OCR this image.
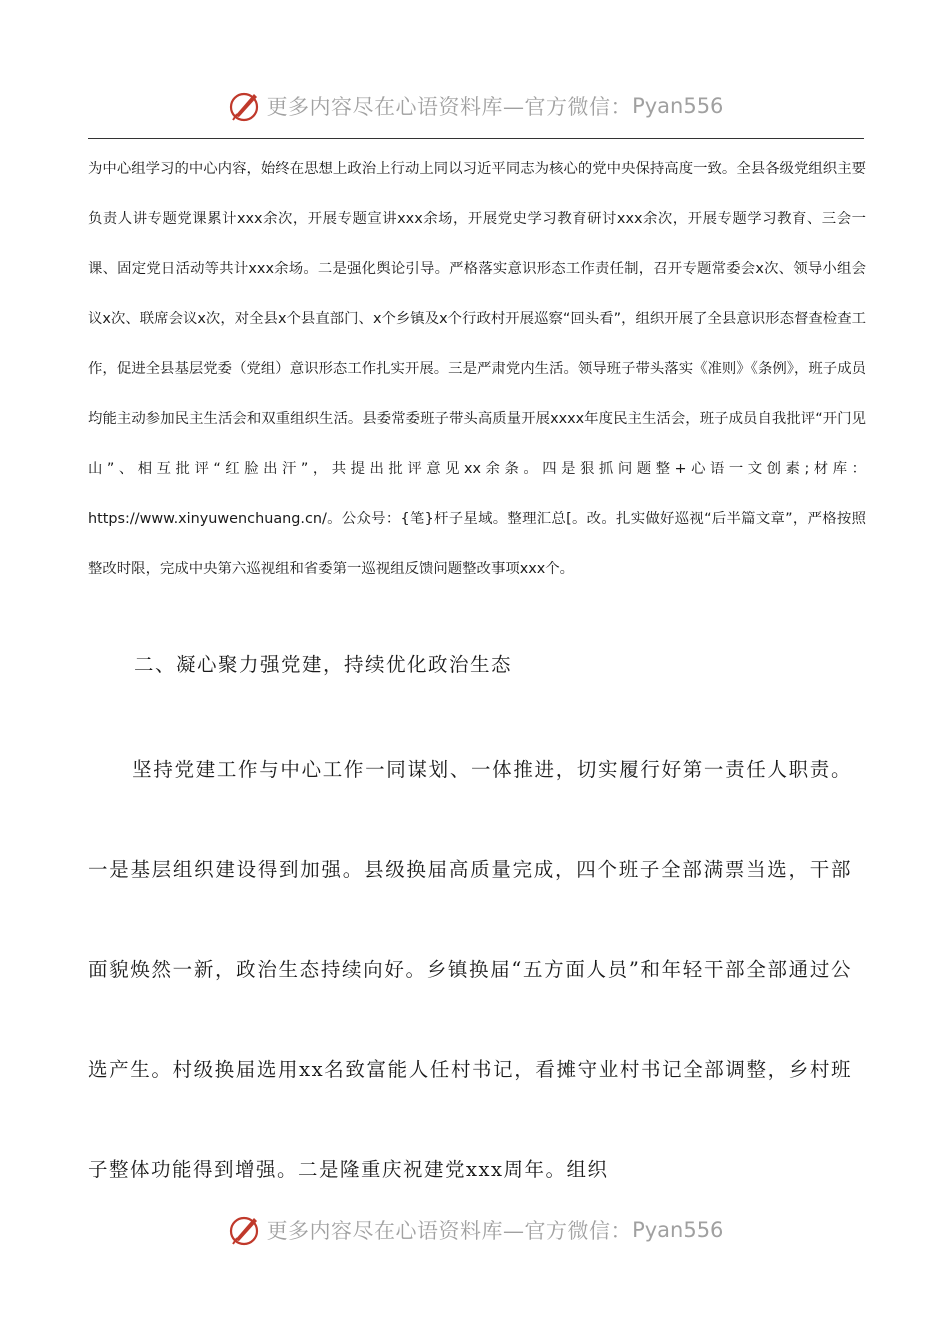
更多内容尽在心语资料库—官方微信： Pyan556

为中心组学习的中心内容，始终在思想上政治上行动上同以习近平同志为核心的党中央保持高度一致。全县各级党组织主要负责人讲专题党课累计xxx余次，开展专题宣讲xxx余场，开展党史学习教育研讨xxx余次，开展专题学习教育、三会一课、固定党日活动等共计xxx余场。二是强化舆论引导。严格落实意识形态工作责任制，召开专题常委会x次、领导小组会议x次、联席会议x次，对全县x个县直部门、x个乡镇及x个行政村开展巡察“回头看”，组织开展了全县意识形态督查检查工作，促进全县基层党委（党组）意识形态工作扎实开展。三是严肃党内生活。领导班子带头落实《准则》《条例》，班子成员均能主动参加民主生活会和双重组织生活。县委常委班子带头高质量开展xxxx年度民主生活会，班子成员自我批评“开门见山”、相互批评“红脸出汗”，共提出批评意见xx余条。四是狠抓问题整+心语一文创素;材库：https://www.xinyuwenchuang.cn/。公众号：{笔}杆子星域。整理汇总[。改。扎实做好巡视“后半篇文章”，严格按照整改时限，完成中央第六巡视组和省委第一巡视组反馈问题整改事项xxx个。

二、凝心聚力强党建，持续优化政治生态

坚持党建工作与中心工作一同谋划、一体推进，切实履行好第一责任人职责。一是基层组织建设得到加强。县级换届高质量完成，四个班子全部满票当选，干部面貌焕然一新，政治生态持续向好。乡镇换届“五方面人员”和年轻干部全部通过公选产生。村级换届选用xx名致富能人任村书记，看摊守业村书记全部调整，乡村班子整体功能得到增强。二是隆重庆祝建党xxx周年。组织

更多内容尽在心语资料库—官方微信： Pyan556
